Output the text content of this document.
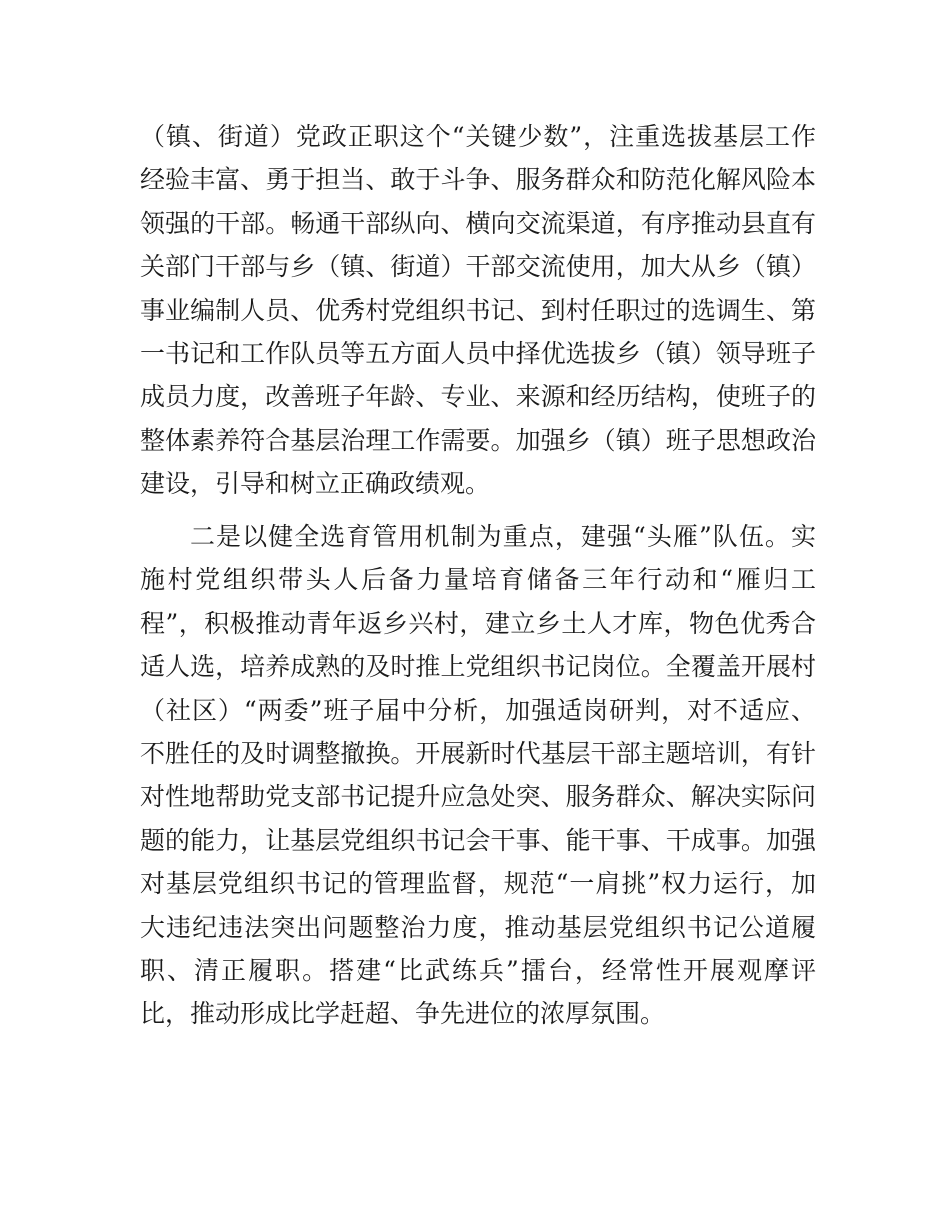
（镇、街道）党政正职这个“关键少数”，注重选拔基层工作
经验丰富、勇于担当、敢于斗争、服务群众和防范化解风险本
领强的干部。畅通干部纵向、横向交流渠道，有序推动县直有
关部门干部与乡（镇、街道）干部交流使用，加大从乡（镇）
事业编制人员、优秀村党组织书记、到村任职过的选调生、第
一书记和工作队员等五方面人员中择优选拔乡（镇）领导班子
成员力度，改善班子年龄、专业、来源和经历结构，使班子的
整体素养符合基层治理工作需要。加强乡（镇）班子思想政治
建设，引导和树立正确政绩观。
二是以健全选育管用机制为重点，建强“头雁”队伍。实
施村党组织带头人后备力量培育储备三年行动和“雁归工
程”，积极推动青年返乡兴村，建立乡土人才库，物色优秀合
适人选，培养成熟的及时推上党组织书记岗位。全覆盖开展村
（社区）“两委”班子届中分析，加强适岗研判，对不适应、
不胜任的及时调整撤换。开展新时代基层干部主题培训，有针
对性地帮助党支部书记提升应急处突、服务群众、解决实际问
题的能力，让基层党组织书记会干事、能干事、干成事。加强
对基层党组织书记的管理监督，规范“一肩挑”权力运行，加
大违纪违法突出问题整治力度，推动基层党组织书记公道履
职、清正履职。搭建“比武练兵”擂台，经常性开展观摩评
比，推动形成比学赶超、争先进位的浓厚氛围。
